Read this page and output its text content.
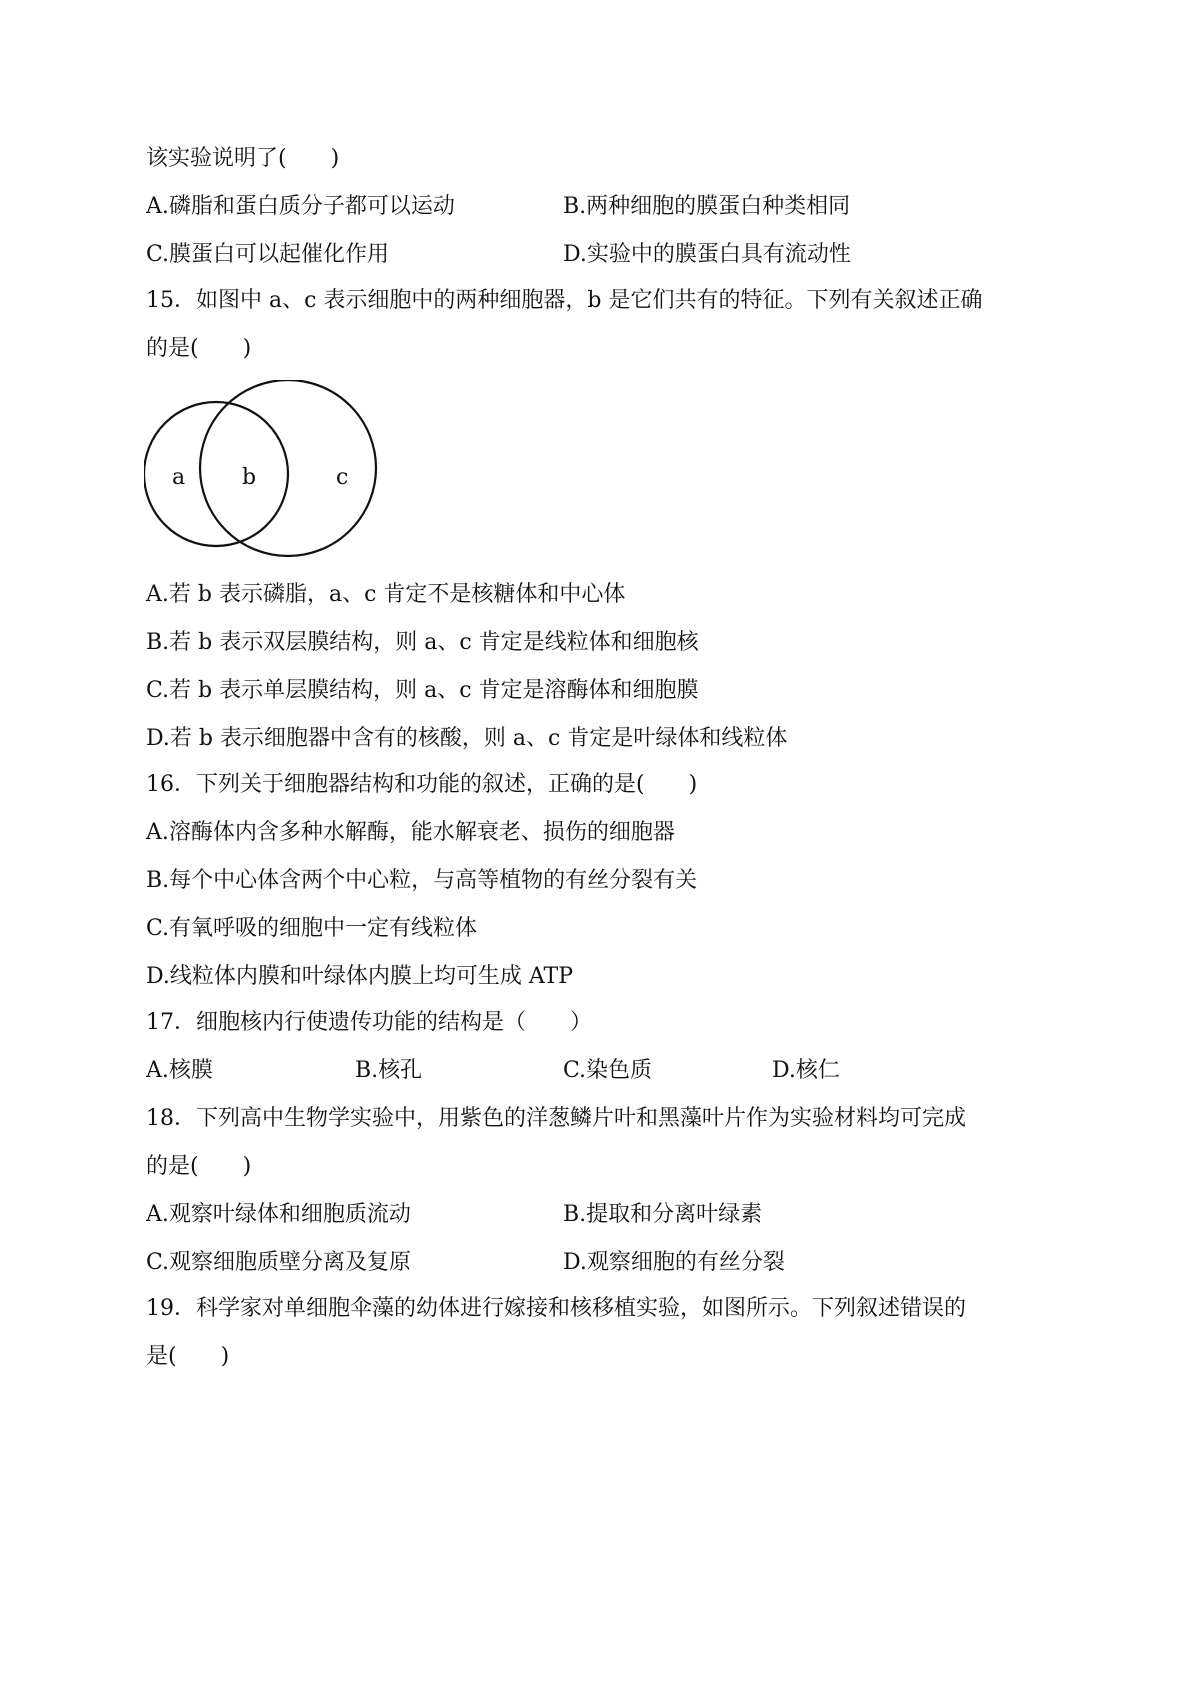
该实验说明了(　　)
A.磷脂和蛋白质分子都可以运动	B.两种细胞的膜蛋白种类相同
C.膜蛋白可以起催化作用	D.实验中的膜蛋白具有流动性
15．如图中 a、c 表示细胞中的两种细胞器，b 是它们共有的特征。下列有关叙述正确
的是(　　)
a	b	c
A.若 b 表示磷脂，a、c 肯定不是核糖体和中心体
B.若 b 表示双层膜结构，则 a、c 肯定是线粒体和细胞核
C.若 b 表示单层膜结构，则 a、c 肯定是溶酶体和细胞膜
D.若 b 表示细胞器中含有的核酸，则 a、c 肯定是叶绿体和线粒体
16．下列关于细胞器结构和功能的叙述，正确的是(　　)
A.溶酶体内含多种水解酶，能水解衰老、损伤的细胞器
B.每个中心体含两个中心粒，与高等植物的有丝分裂有关
C.有氧呼吸的细胞中一定有线粒体
D.线粒体内膜和叶绿体内膜上均可生成 ATP
17．细胞核内行使遗传功能的结构是（　　）
A.核膜	B.核孔	C.染色质	D.核仁
18．下列高中生物学实验中，用紫色的洋葱鳞片叶和黑藻叶片作为实验材料均可完成
的是(　　)
A.观察叶绿体和细胞质流动	B.提取和分离叶绿素
C.观察细胞质壁分离及复原	D.观察细胞的有丝分裂
19．科学家对单细胞伞藻的幼体进行嫁接和核移植实验，如图所示。下列叙述错误的
是(　　)
